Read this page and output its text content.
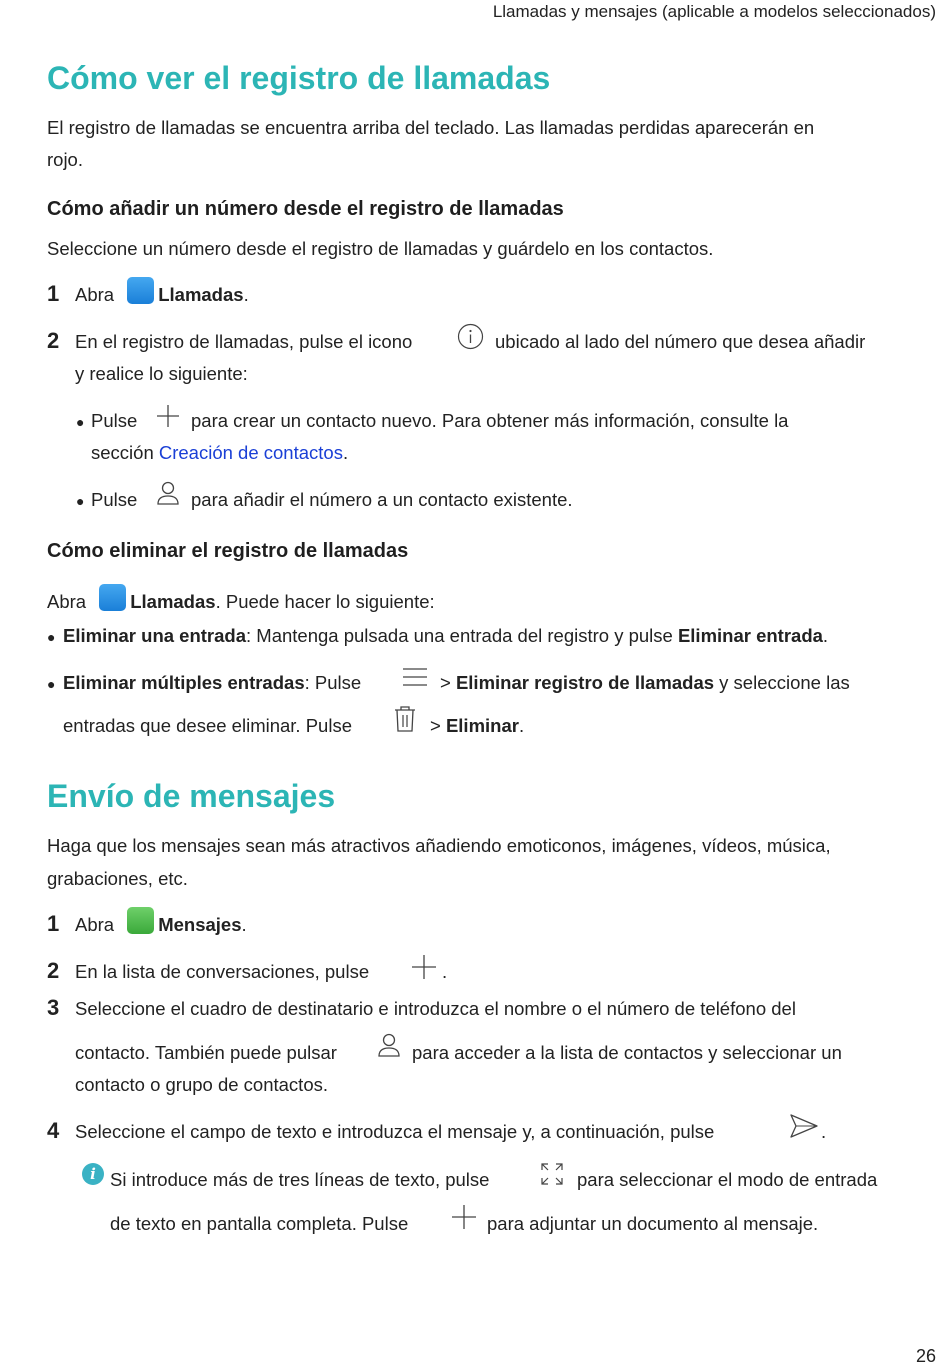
Llamadas y mensajes (aplicable a modelos seleccionados)
Cómo ver el registro de llamadas
El registro de llamadas se encuentra arriba del teclado. Las llamadas perdidas aparecerán en
rojo.
Cómo añadir un número desde el registro de llamadas
Seleccione un número desde el registro de llamadas y guárdelo en los contactos.
1 Abra Llamadas.
2 En el registro de llamadas, pulse el icono	ubicado al lado del número que desea añadir
y realice lo siguiente:
● Pulse	para crear un contacto nuevo. Para obtener más información, consulte la
sección Creación de contactos.
● Pulse	para añadir el número a un contacto existente.
Cómo eliminar el registro de llamadas
Abra Llamadas. Puede hacer lo siguiente:
● Eliminar una entrada: Mantenga pulsada una entrada del registro y pulse Eliminar entrada.
● Eliminar múltiples entradas: Pulse	> Eliminar registro de llamadas y seleccione las
entradas que desee eliminar. Pulse	> Eliminar.
Envío de mensajes
Haga que los mensajes sean más atractivos añadiendo emoticonos, imágenes, vídeos, música,
grabaciones, etc.
1 Abra Mensajes.
2 En la lista de conversaciones, pulse	.
3 Seleccione el cuadro de destinatario e introduzca el nombre o el número de teléfono del
contacto. También puede pulsar	para acceder a la lista de contactos y seleccionar un
contacto o grupo de contactos.
4 Seleccione el campo de texto e introduzca el mensaje y, a continuación, pulse	.
i Si introduce más de tres líneas de texto, pulse	para seleccionar el modo de entrada
de texto en pantalla completa. Pulse	para adjuntar un documento al mensaje.
26
